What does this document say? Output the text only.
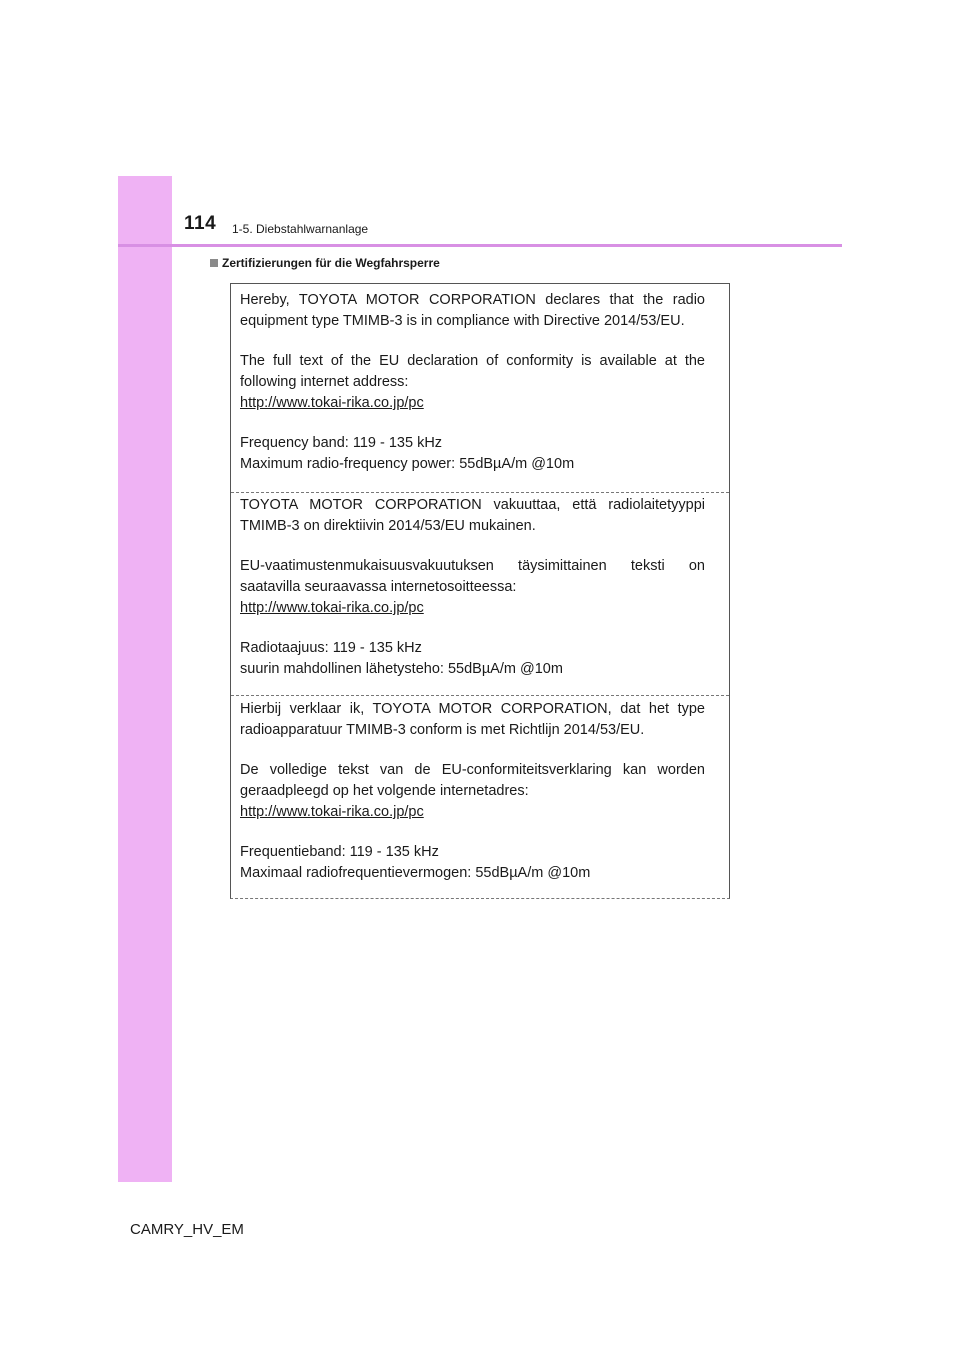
114 1-5. Diebstahlwarnanlage
Zertifizierungen für die Wegfahrsperre

Hereby, TOYOTA MOTOR CORPORATION declares that the radio equipment type TMIMB-3 is in compliance with Directive 2014/53/EU.

The full text of the EU declaration of conformity is available at the following internet address:

http://www.tokai-rika.co.jp/pc

Frequency band: 119 - 135 kHz

Maximum radio-frequency power: 55dBµA/m @10m

TOYOTA MOTOR CORPORATION vakuuttaa, että radiolaitetyyppi TMIMB-3 on direktiivin 2014/53/EU mukainen.

EU-vaatimustenmukaisuusvakuutuksen täysimittainen teksti on saatavilla seuraavassa internetosoitteessa:

http://www.tokai-rika.co.jp/pc

Radiotaajuus: 119 - 135 kHz

suurin mahdollinen lähetysteho: 55dBµA/m @10m

Hierbij verklaar ik, TOYOTA MOTOR CORPORATION, dat het type radioapparatuur TMIMB-3 conform is met Richtlijn 2014/53/EU.

De volledige tekst van de EU-conformiteitsverklaring kan worden geraadpleegd op het volgende internetadres:

http://www.tokai-rika.co.jp/pc

Frequentieband: 119 - 135 kHz

Maximaal radiofrequentievermogen: 55dBµA/m @10m

CAMRY_HV_EM
